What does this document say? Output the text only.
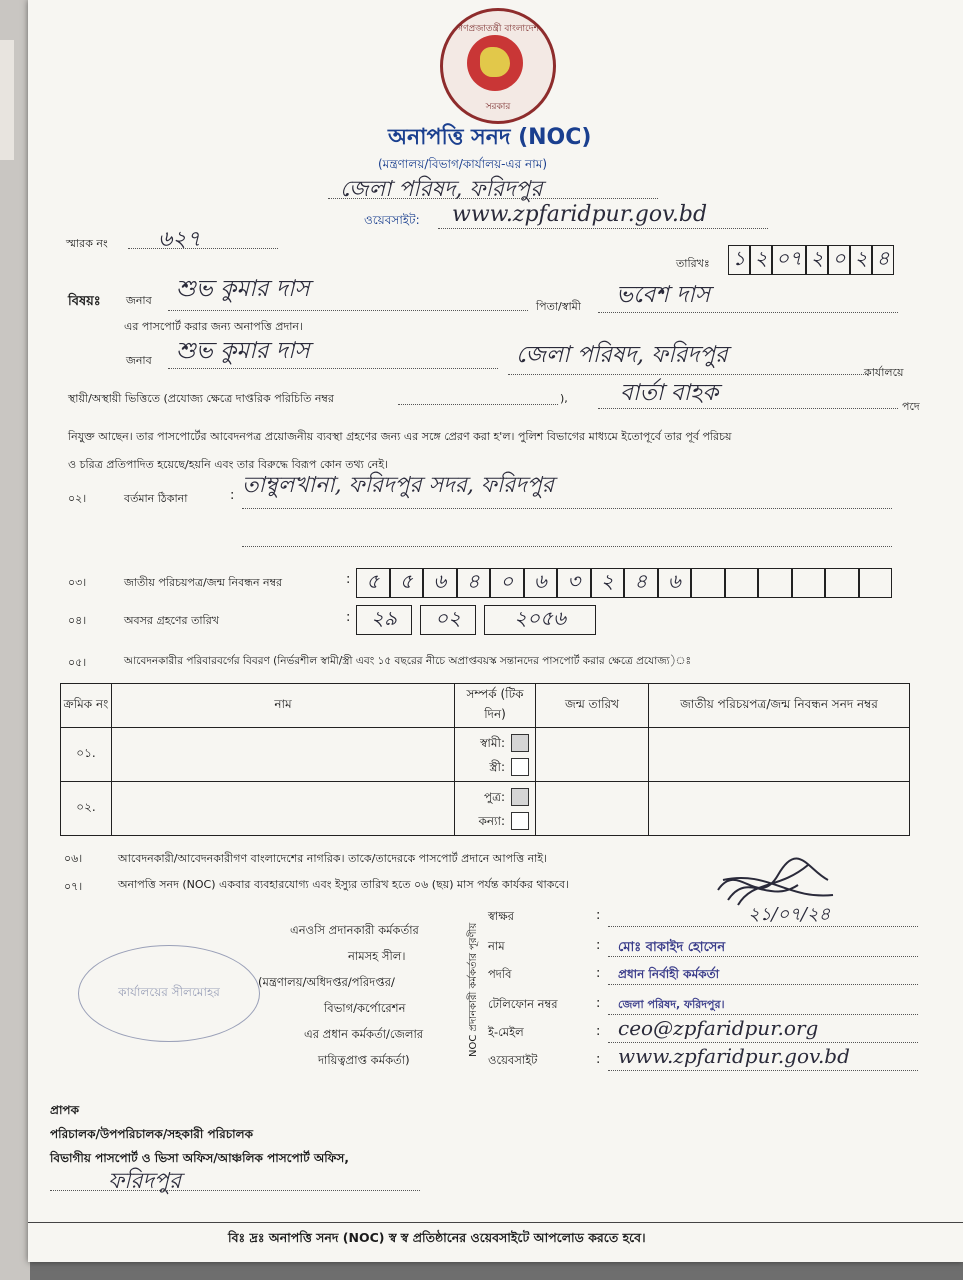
গণপ্রজাতন্ত্রী বাংলাদেশ
সরকার
অনাপত্তি সনদ (NOC)
(মন্ত্রণালয়/বিভাগ/কার্যালয়-এর নাম)
জেলা পরিষদ, ফরিদপুর
ওয়েবসাইট: www.zpfaridpur.gov.bd
স্মারক নং ৬২৭
তারিখঃ ১ ২ ০৭ ২ ০ ২ ৪
বিষয়ঃ জনাব শুভ কুমার দাস
পিতা/স্বামী ভবেশ দাস
এর পাসপোর্ট করার জন্য অনাপত্তি প্রদান।
জনাব শুভ কুমার দাস	জেলা পরিষদ, ফরিদপুর
কার্যালয়ে
স্থায়ী/অস্থায়ী ভিত্তিতে (প্রযোজ্য ক্ষেত্রে দাপ্তরিক পরিচিতি নম্বর	), বার্তা বাহক
পদে
নিযুক্ত আছেন। তার পাসপোর্টের আবেদনপত্র প্রয়োজনীয় ব্যবস্থা গ্রহণের জন্য এর সঙ্গে প্রেরণ করা হ'ল। পুলিশ বিভাগের মাধ্যমে ইতোপূর্বে তার পূর্ব পরিচয়
ও চরিত্র প্রতিপাদিত হয়েছে/হয়নি এবং তার বিরুদ্ধে বিরূপ কোন তথ্য নেই।
০২।	বর্তমান ঠিকানা	: তাম্বুলখানা, ফরিদপুর সদর, ফরিদপুর
০৩।	জাতীয় পরিচয়পত্র/জন্ম নিবন্ধন নম্বর	: ৫	৫	৬	৪	০	৬	৩	২	৪	৬
০৪।	অবসর গ্রহণের তারিখ	:	২৯	০২	২০৫৬
০৫।	আবেদনকারীর পরিবারবর্গের বিবরণ (নির্ভরশীল স্বামী/স্ত্রী এবং ১৫ বছরের নীচে অপ্রাপ্তবয়স্ক সন্তানদের পাসপোর্ট করার ক্ষেত্রে প্রযোজ্য)ঃ
ক্রমিক নং	নাম	সম্পর্ক (টিক দিন)	জন্ম তারিখ	জাতীয় পরিচয়পত্র/জন্ম নিবন্ধন সনদ নম্বর
০১.		স্বামী:
স্ত্রী:		
০২.		পুত্র:
কন্যা:		
০৬।	আবেদনকারী/আবেদনকারীগণ বাংলাদেশের নাগরিক। তাকে/তাদেরকে পাসপোর্ট প্রদানে আপত্তি নাই।
০৭।	অনাপত্তি সনদ (NOC) একবার ব্যবহারযোগ্য এবং ইস্যুর তারিখ হতে ০৬ (ছয়) মাস পর্যন্ত কার্যকর থাকবে।
এনওসি প্রদানকারী কর্মকর্তার
নামসহ সীল।
(মন্ত্রণালয়/অধিদপ্তর/পরিদপ্তর/
বিভাগ/কর্পোরেশন
এর প্রধান কর্মকর্তা/জেলার
দায়িত্বপ্রাপ্ত কর্মকর্তা)
NOC প্রদানকারী কর্মকর্তার পূরণীয়
কার্যালয়ের সীলমোহর
স্বাক্ষর	:	২১/০৭/২৪
নাম	: মোঃ বাকাইদ হোসেন
পদবি	: প্রধান নির্বাহী কর্মকর্তা
টেলিফোন নম্বর	: জেলা পরিষদ, ফরিদপুর।
ই-মেইল	: ceo@zpfaridpur.org
ওয়েবসাইট	: www.zpfaridpur.gov.bd
প্রাপক
পরিচালক/উপপরিচালক/সহকারী পরিচালক
বিভাগীয় পাসপোর্ট ও ভিসা অফিস/আঞ্চলিক পাসপোর্ট অফিস,
ফরিদপুর
বিঃ দ্রঃ অনাপত্তি সনদ (NOC) স্ব স্ব প্রতিষ্ঠানের ওয়েবসাইটে আপলোড করতে হবে।
